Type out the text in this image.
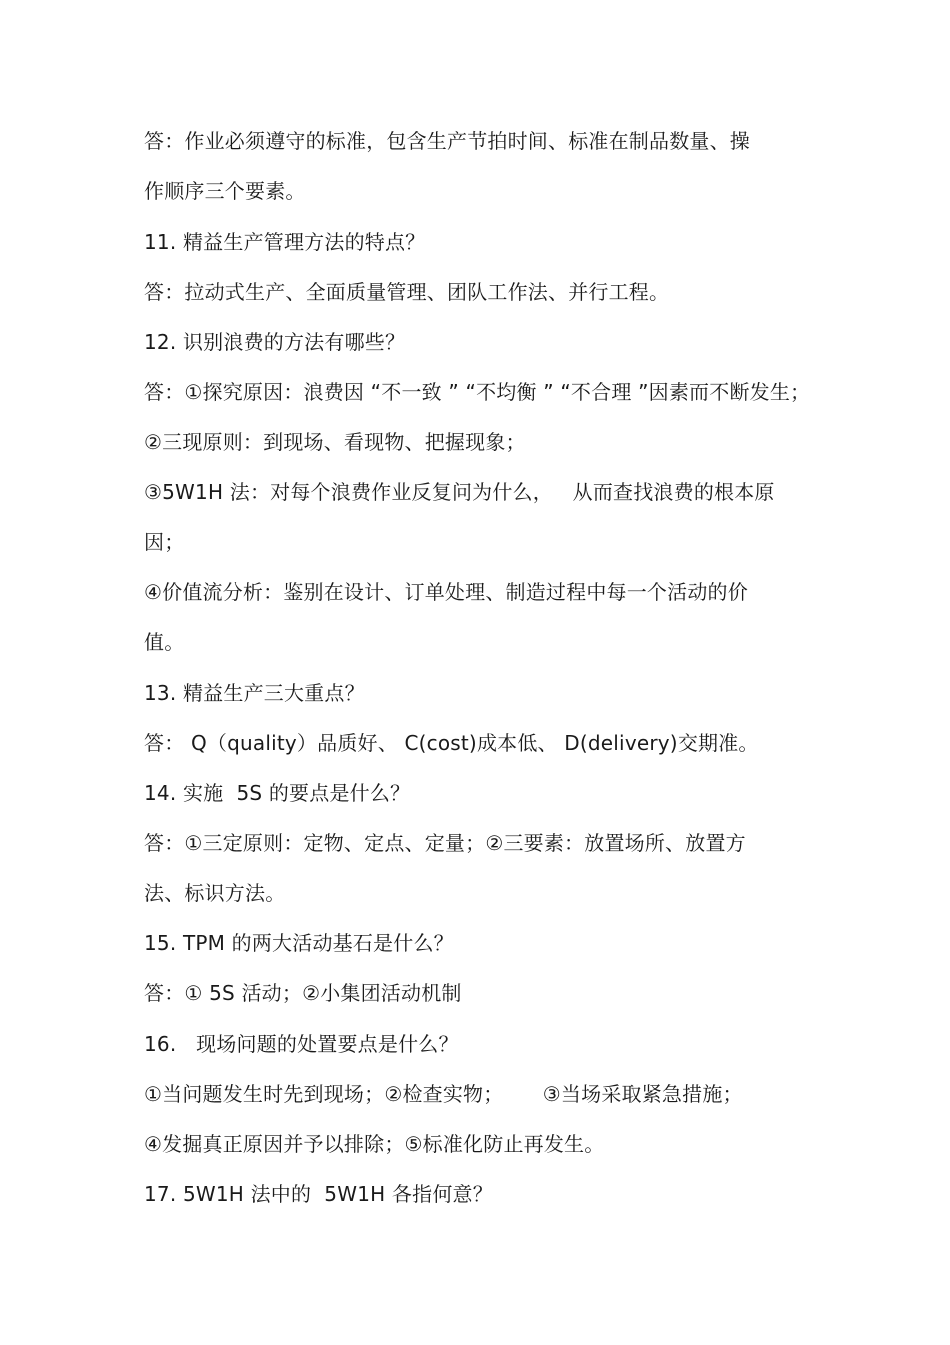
答：作业必须遵守的标准，包含生产节拍时间、标准在制品数量、操
作顺序三个要素。
11. 精益生产管理方法的特点？
答：拉动式生产、全面质量管理、团队工作法、并行工程。
12. 识别浪费的方法有哪些？
答：①探究原因：浪费因 “不一致 ” “不均衡 ” “不合理 ”因素而不断发生；
②三现原则：到现场、看现物、把握现象；
③5W1H 法：对每个浪费作业反复问为什么，   从而查找浪费的根本原
因；
④价值流分析：鉴别在设计、订单处理、制造过程中每一个活动的价
值。
13. 精益生产三大重点？
答： Q（quality）品质好、 C(cost)成本低、 D(delivery)交期准。
14. 实施  5S 的要点是什么？
答：①三定原则：定物、定点、定量；②三要素：放置场所、放置方
法、标识方法。
15. TPM 的两大活动基石是什么？
答：① 5S 活动；②小集团活动机制
16.   现场问题的处置要点是什么？
①当问题发生时先到现场；②检查实物；      ③当场采取紧急措施；
④发掘真正原因并予以排除；⑤标准化防止再发生。
17. 5W1H 法中的  5W1H 各指何意？
